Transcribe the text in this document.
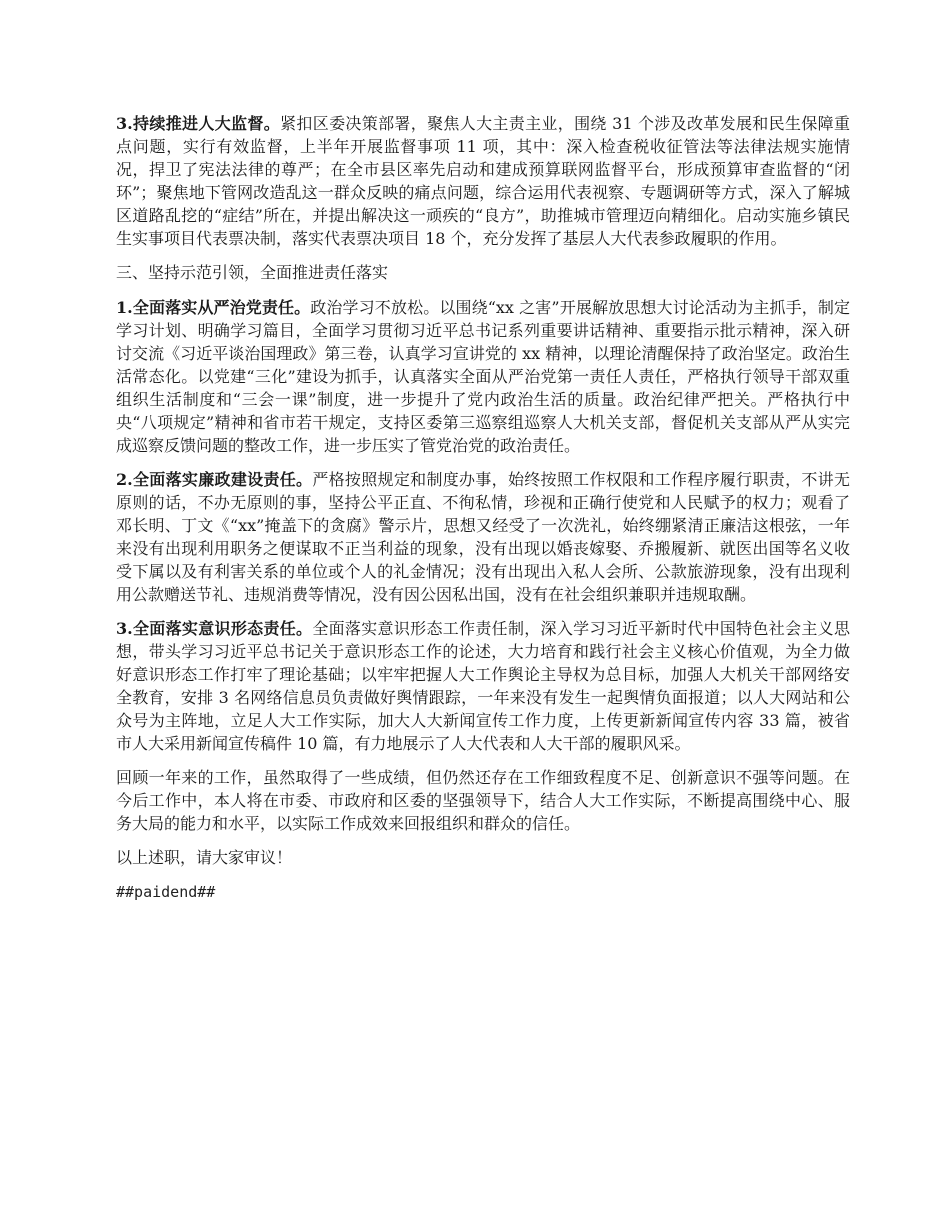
3.持续推进人大监督。紧扣区委决策部署，聚焦人大主责主业，围绕 31 个涉及改革发展和民生保障重点问题，实行有效监督，上半年开展监督事项 11 项，其中：深入检查税收征管法等法律法规实施情况，捍卫了宪法法律的尊严；在全市县区率先启动和建成预算联网监督平台，形成预算审查监督的“闭环”；聚焦地下管网改造乱这一群众反映的痛点问题，综合运用代表视察、专题调研等方式，深入了解城区道路乱挖的“症结”所在，并提出解决这一顽疾的“良方”，助推城市管理迈向精细化。启动实施乡镇民生实事项目代表票决制，落实代表票决项目 18 个，充分发挥了基层人大代表参政履职的作用。

三、坚持示范引领，全面推进责任落实

1.全面落实从严治党责任。政治学习不放松。以围绕“xx 之害”开展解放思想大讨论活动为主抓手，制定学习计划、明确学习篇目，全面学习贯彻习近平总书记系列重要讲话精神、重要指示批示精神，深入研讨交流《习近平谈治国理政》第三卷，认真学习宣讲党的 xx 精神，以理论清醒保持了政治坚定。政治生活常态化。以党建“三化”建设为抓手，认真落实全面从严治党第一责任人责任，严格执行领导干部双重组织生活制度和“三会一课”制度，进一步提升了党内政治生活的质量。政治纪律严把关。严格执行中央“八项规定”精神和省市若干规定，支持区委第三巡察组巡察人大机关支部，督促机关支部从严从实完成巡察反馈问题的整改工作，进一步压实了管党治党的政治责任。

2.全面落实廉政建设责任。严格按照规定和制度办事，始终按照工作权限和工作程序履行职责，不讲无原则的话，不办无原则的事，坚持公平正直、不徇私情，珍视和正确行使党和人民赋予的权力；观看了邓长明、丁文《“xx”掩盖下的贪腐》警示片，思想又经受了一次洗礼，始终绷紧清正廉洁这根弦，一年来没有出现利用职务之便谋取不正当利益的现象，没有出现以婚丧嫁娶、乔搬履新、就医出国等名义收受下属以及有利害关系的单位或个人的礼金情况；没有出现出入私人会所、公款旅游现象，没有出现利用公款赠送节礼、违规消费等情况，没有因公因私出国，没有在社会组织兼职并违规取酬。

3.全面落实意识形态责任。全面落实意识形态工作责任制，深入学习习近平新时代中国特色社会主义思想，带头学习习近平总书记关于意识形态工作的论述，大力培育和践行社会主义核心价值观，为全力做好意识形态工作打牢了理论基础；以牢牢把握人大工作舆论主导权为总目标，加强人大机关干部网络安全教育，安排 3 名网络信息员负责做好舆情跟踪，一年来没有发生一起舆情负面报道；以人大网站和公众号为主阵地，立足人大工作实际，加大人大新闻宣传工作力度，上传更新新闻宣传内容 33 篇，被省市人大采用新闻宣传稿件 10 篇，有力地展示了人大代表和人大干部的履职风采。

回顾一年来的工作，虽然取得了一些成绩，但仍然还存在工作细致程度不足、创新意识不强等问题。在今后工作中，本人将在市委、市政府和区委的坚强领导下，结合人大工作实际，不断提高围绕中心、服务大局的能力和水平，以实际工作成效来回报组织和群众的信任。

以上述职，请大家审议！

##paidend##
